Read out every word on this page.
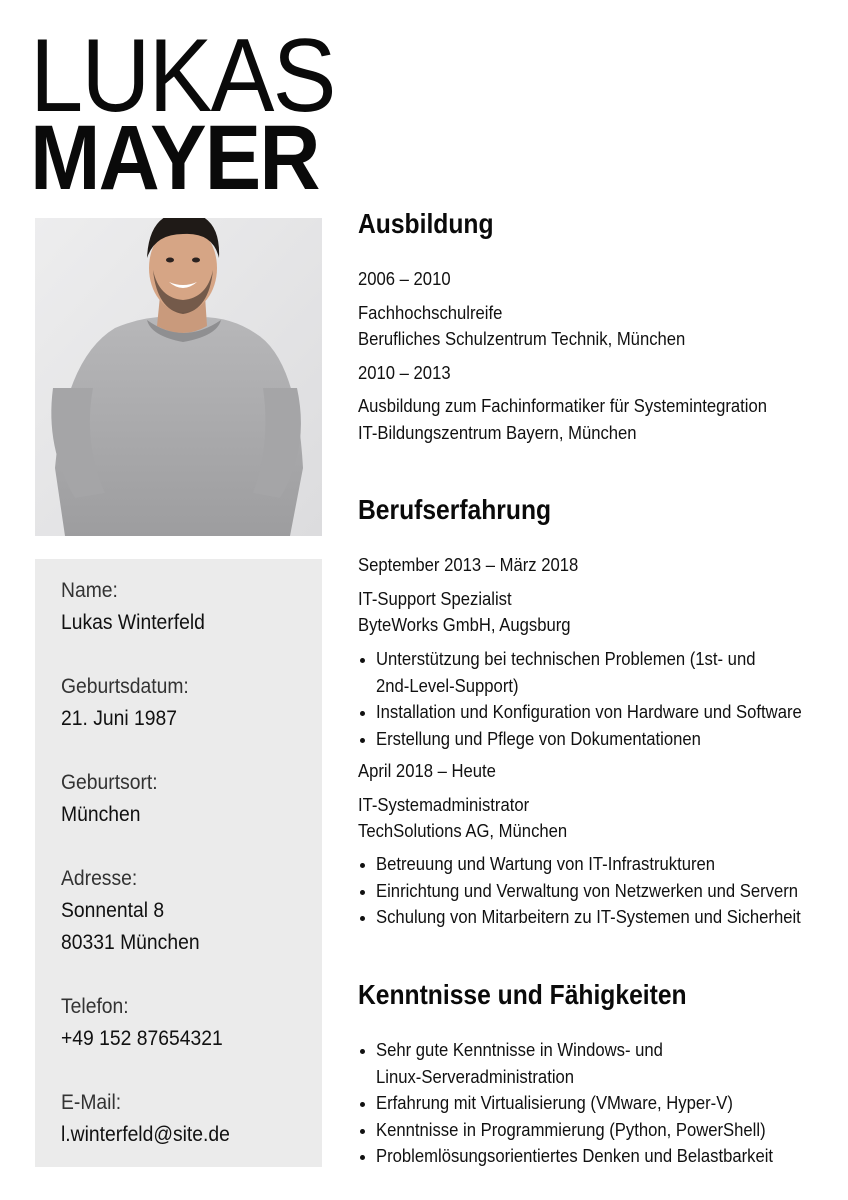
LUKAS
MAYER
Name:
Lukas Winterfeld
Geburtsdatum:
21. Juni 1987
Geburtsort:
München
Adresse:
Sonnental 8
80331 München
Telefon:
+49 152 87654321
E-Mail:
l.winterfeld@site.de
Ausbildung
2006 – 2010
Fachhochschulreife
Berufliches Schulzentrum Technik, München
2010 – 2013
Ausbildung zum Fachinformatiker für Systemintegration
IT-Bildungszentrum Bayern, München
Berufserfahrung
September 2013 – März 2018
IT-Support Spezialist
ByteWorks GmbH, Augsburg
Unterstützung bei technischen Problemen (1st- und
2nd-Level-Support)
Installation und Konfiguration von Hardware und Software
Erstellung und Pflege von Dokumentationen
April 2018 – Heute
IT-Systemadministrator
TechSolutions AG, München
Betreuung und Wartung von IT-Infrastrukturen
Einrichtung und Verwaltung von Netzwerken und Servern
Schulung von Mitarbeitern zu IT-Systemen und Sicherheit
Kenntnisse und Fähigkeiten
Sehr gute Kenntnisse in Windows- und
Linux-Serveradministration
Erfahrung mit Virtualisierung (VMware, Hyper-V)
Kenntnisse in Programmierung (Python, PowerShell)
Problemlösungsorientiertes Denken und Belastbarkeit
